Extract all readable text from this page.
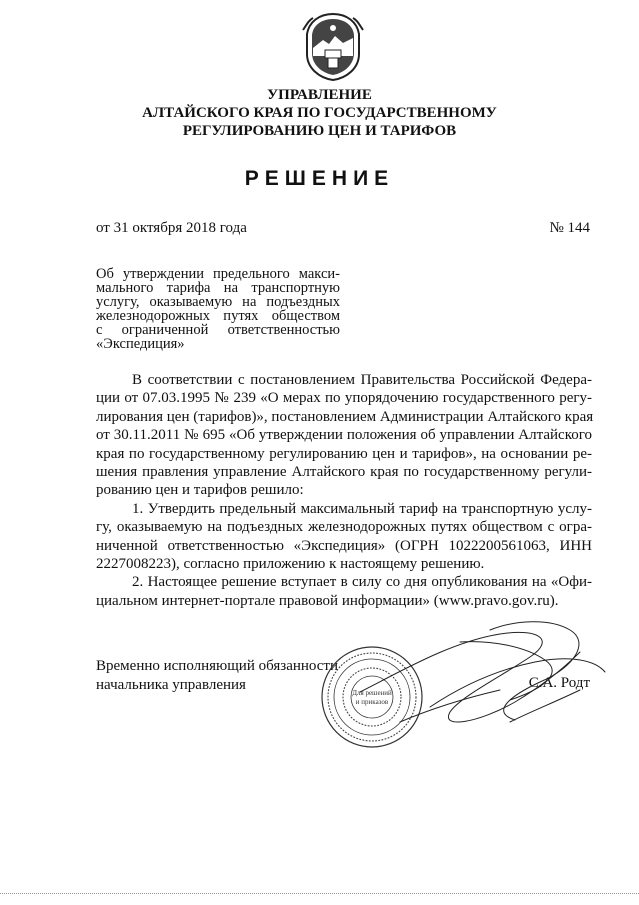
УПРАВЛЕНИЕ
АЛТАЙСКОГО КРАЯ ПО ГОСУДАРСТВЕННОМУ
РЕГУЛИРОВАНИЮ ЦЕН И ТАРИФОВ
РЕШЕНИЕ
от 31 октября 2018 года	№ 144
Об утверждении предельного макси-
мального тарифа на транспортную
услугу, оказываемую на подъездных
железнодорожных путях обществом
с ограниченной ответственностью
«Экспедиция»
В соответствии с постановлением Правительства Российской Федера-
ции от 07.03.1995 № 239 «О мерах по упорядочению государственного регу-
лирования цен (тарифов)», постановлением Администрации Алтайского края
от 30.11.2011 № 695 «Об утверждении положения об управлении Алтайского
края по государственному регулированию цен и тарифов», на основании ре-
шения правления управление Алтайского края по государственному регули-
рованию цен и тарифов решило:
1. Утвердить предельный максимальный тариф на транспортную услу-
гу, оказываемую на подъездных железнодорожных путях обществом с огра-
ниченной ответственностью «Экспедиция» (ОГРН 1022200561063, ИНН
2227008223), согласно приложению к настоящему решению.
2. Настоящее решение вступает в силу со дня опубликования на «Офи-
циальном интернет-портале правовой информации» (www.pravo.gov.ru).
Временно исполняющий обязанности
начальника управления	С.А. Родт
Для решений
и приказов
